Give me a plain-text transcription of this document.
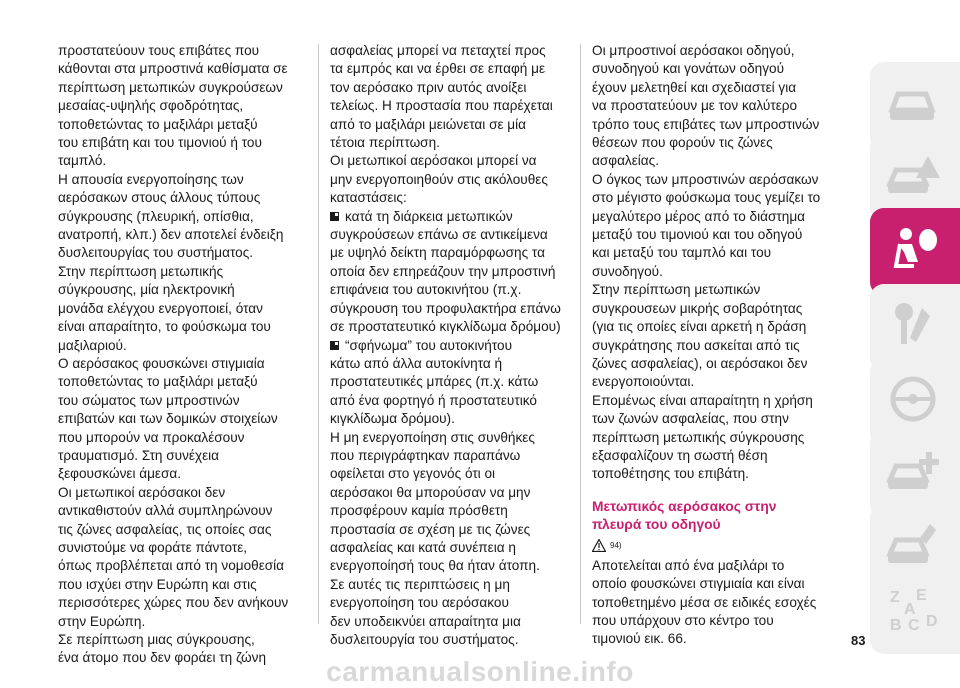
προστατεύουν τους επιβάτες που

κάθονται στα μπροστινά καθίσματα σε

περίπτωση μετωπικών συγκρούσεων

μεσαίας-υψηλής σφοδρότητας,

τοποθετώντας το μαξιλάρι μεταξύ

του επιβάτη και του τιμονιού ή του

ταμπλό.

Η απουσία ενεργοποίησης των

αερόσακων στους άλλους τύπους

σύγκρουσης (πλευρική, οπίσθια,

ανατροπή, κλπ.) δεν αποτελεί ένδειξη

δυσλειτουργίας του συστήματος.

Στην περίπτωση μετωπικής

σύγκρουσης, μία ηλεκτρονική

μονάδα ελέγχου ενεργοποιεί, όταν

είναι απαραίτητο, το φούσκωμα του

μαξιλαριού.

Ο αερόσακος φουσκώνει στιγμιαία

τοποθετώντας το μαξιλάρι μεταξύ

του σώματος των μπροστινών

επιβατών και των δομικών στοιχείων

που μπορούν να προκαλέσουν

τραυματισμό. Στη συνέχεια

ξεφουσκώνει άμεσα.

Οι μετωπικοί αερόσακοι δεν

αντικαθιστούν αλλά συμπληρώνουν

τις ζώνες ασφαλείας, τις οποίες σας

συνιστούμε να φοράτε πάντοτε,

όπως προβλέπεται από τη νομοθεσία

που ισχύει στην Ευρώπη και στις

περισσότερες χώρες που δεν ανήκουν

στην Ευρώπη.

Σε περίπτωση μιας σύγκρουσης,

ένα άτομο που δεν φοράει τη ζώνη

ασφαλείας μπορεί να πεταχτεί προς

τα εμπρός και να έρθει σε επαφή με

τον αερόσακο πριν αυτός ανοίξει

τελείως. Η προστασία που παρέχεται

από το μαξιλάρι μειώνεται σε μία

τέτοια περίπτωση.

Οι μετωπικοί αερόσακοι μπορεί να

μην ενεργοποιηθούν στις ακόλουθες

καταστάσεις:

κατά τη διάρκεια μετωπικών

συγκρούσεων επάνω σε αντικείμενα

με υψηλό δείκτη παραμόρφωσης τα

οποία δεν επηρεάζουν την μπροστινή

επιφάνεια του αυτοκινήτου (π.χ.

σύγκρουση του προφυλακτήρα επάνω

σε προστατευτικό κιγκλίδωμα δρόμου)

“σφήνωμα” του αυτοκινήτου

κάτω από άλλα αυτοκίνητα ή

προστατευτικές μπάρες (π.χ. κάτω

από ένα φορτηγό ή προστατευτικό

κιγκλίδωμα δρόμου).

Η μη ενεργοποίηση στις συνθήκες

που περιγράφτηκαν παραπάνω

οφείλεται στο γεγονός ότι οι

αερόσακοι θα μπορούσαν να μην

προσφέρουν καμία πρόσθετη

προστασία σε σχέση με τις ζώνες

ασφαλείας και κατά συνέπεια η

ενεργοποίησή τους θα ήταν άτοπη.

Σε αυτές τις περιπτώσεις η μη

ενεργοποίηση του αερόσακου

δεν υποδεικνύει απαραίτητα μια

δυσλειτουργία του συστήματος.

Οι μπροστινοί αερόσακοι οδηγού,

συνοδηγού και γονάτων οδηγού

έχουν μελετηθεί και σχεδιαστεί για

να προστατεύουν με τον καλύτερο

τρόπο τους επιβάτες των μπροστινών

θέσεων που φορούν τις ζώνες

ασφαλείας.

Ο όγκος των μπροστινών αερόσακων

στο μέγιστο φούσκωμα τους γεμίζει το

μεγαλύτερο μέρος από το διάστημα

μεταξύ του τιμονιού και του οδηγού

και μεταξύ του ταμπλό και του

συνοδηγού.

Στην περίπτωση μετωπικών

συγκρουσεων μικρής σοβαρότητας

(για τις οποίες είναι αρκετή η δράση

συγκράτησης που ασκείται από τις

ζώνες ασφαλείας), οι αερόσακοι δεν

ενεργοποιούνται.

Επομένως είναι απαραίτητη η χρήση

των ζωνών ασφαλείας, που στην

περίπτωση μετωπικής σύγκρουσης

εξασφαλίζουν τη σωστή θέση

τοποθέτησης του επιβάτη.

Μετωπικός αερόσακος στην
πλευρά του οδηγού

94)

Αποτελείται από ένα μαξιλάρι το

οποίο φουσκώνει στιγμιαία και είναι

τοποθετημένο μέσα σε ειδικές εσοχές

που υπάρχουν στο κέντρο του

τιμονιού εικ. 66.

Z E
A
B C D
83
carmanualsonline.info
